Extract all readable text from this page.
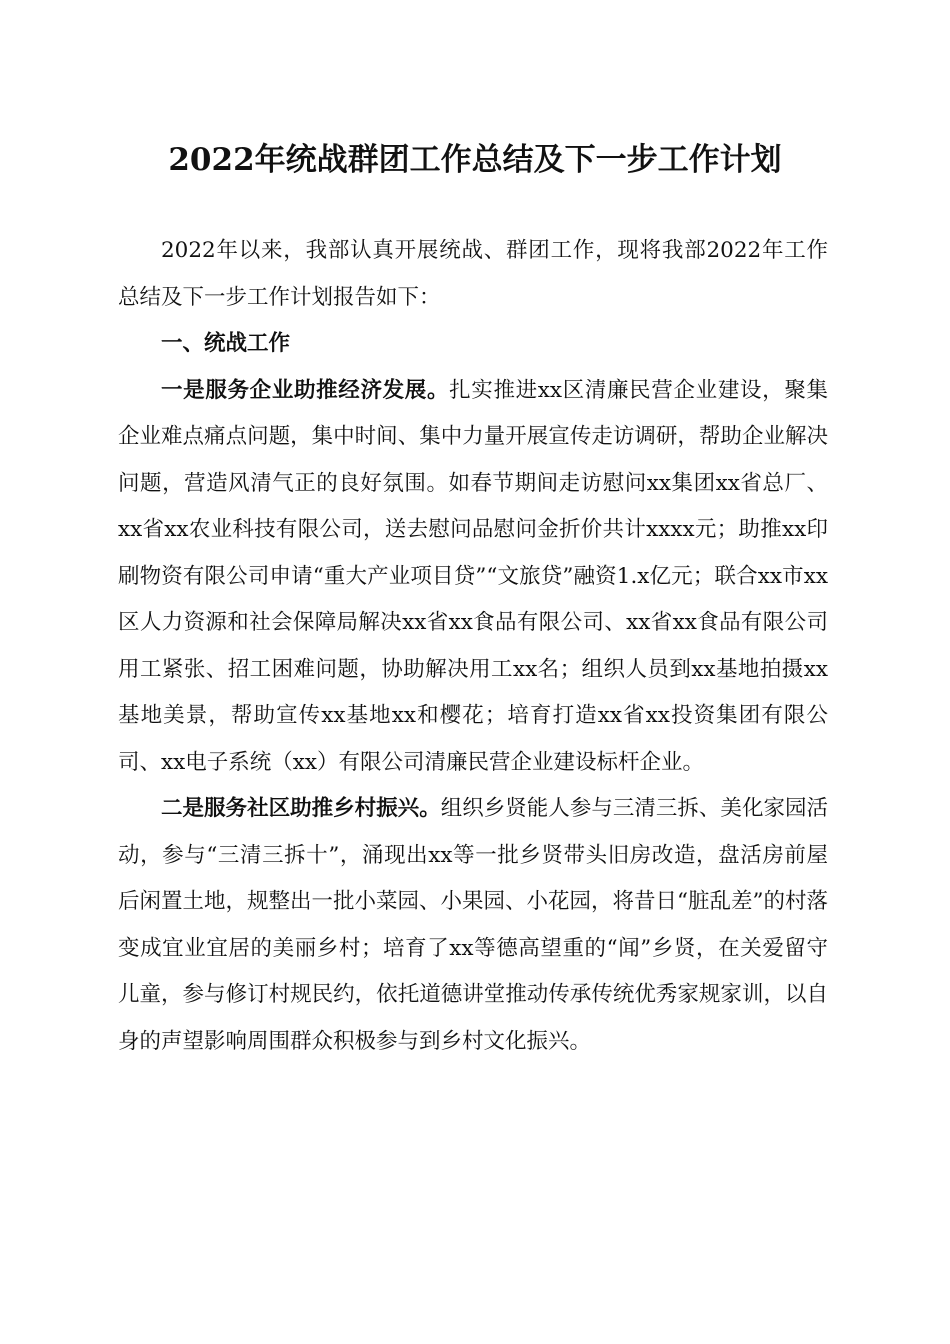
2022年统战群团工作总结及下一步工作计划

2022年以来，我部认真开展统战、群团工作，现将我部2022年工作总结及下一步工作计划报告如下：

一、统战工作

一是服务企业助推经济发展。扎实推进xx区清廉民营企业建设，聚集企业难点痛点问题，集中时间、集中力量开展宣传走访调研，帮助企业解决问题，营造风清气正的良好氛围。如春节期间走访慰问xx集团xx省总厂、xx省xx农业科技有限公司，送去慰问品慰问金折价共计xxxx元；助推xx印刷物资有限公司申请“重大产业项目贷”“文旅贷”融资1.x亿元；联合xx市xx区人力资源和社会保障局解决xx省xx食品有限公司、xx省xx食品有限公司用工紧张、招工困难问题，协助解决用工xx名；组织人员到xx基地拍摄xx基地美景，帮助宣传xx基地xx和樱花；培育打造xx省xx投资集团有限公司、xx电子系统（xx）有限公司清廉民营企业建设标杆企业。

二是服务社区助推乡村振兴。组织乡贤能人参与三清三拆、美化家园活动，参与“三清三拆十”，涌现出xx等一批乡贤带头旧房改造，盘活房前屋后闲置土地，规整出一批小菜园、小果园、小花园，将昔日“脏乱差”的村落变成宜业宜居的美丽乡村；培育了xx等德高望重的“闻”乡贤，在关爱留守儿童，参与修订村规民约，依托道德讲堂推动传承传统优秀家规家训，以自身的声望影响周围群众积极参与到乡村文化振兴。
